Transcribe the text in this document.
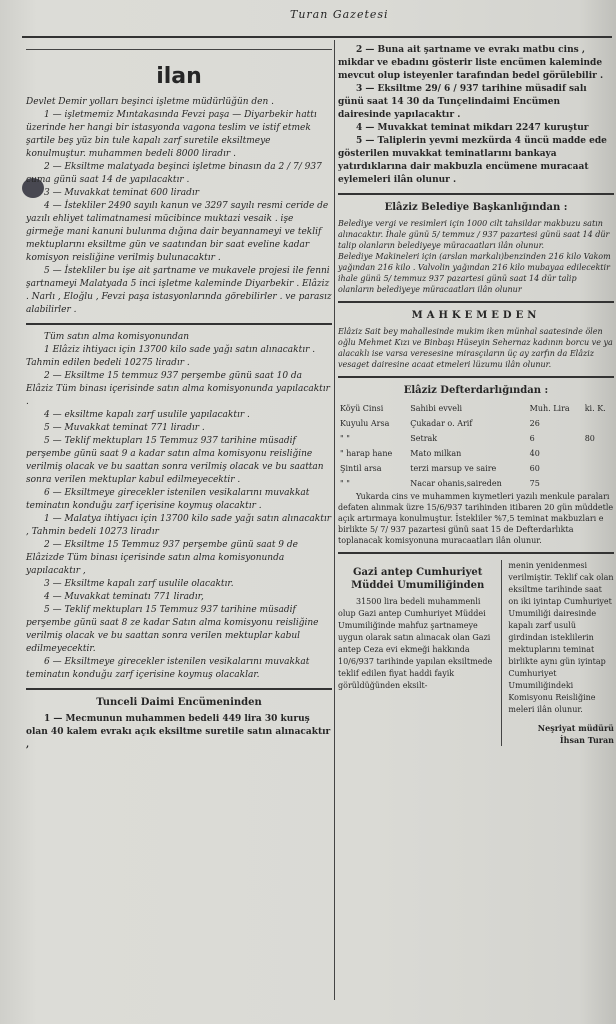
Turan Gazetesi
ilan

Devlet Demir yolları beşinci işletme müdürlüğün den .

1 — işletmemiz Mıntakasında Fevzi paşa — Diyarbekir hattı üzerinde her hangi bir istasyonda vagona teslim ve istif etmek şartile beş yüz bin tule kapalı zarf suretile eksiltmeye konulmuştur. muhammen bedeli 8000 liradır .

2 — Eksiltme malatyada beşinci işletme binasın da 2 / 7/ 937 cuma günü saat 14 de yapılacaktır .

3 — Muvakkat teminat 600 liradır

4 — İstekliler 2490 sayılı kanun ve 3297 sayılı resmi ceride de yazılı ehliyet talimatnamesi mücibince muktazi vesaik . işe girmeğe mani kanuni bulunma dığına dair beyannameyi ve teklif mektuplarını eksiltme gün ve saatından bir saat eveline kadar komisyon reisliğine verilmiş bulunacaktır .

5 — İstekliler bu işe ait şartname ve mukavele projesi ile fenni şartnameyi Malatyada 5 inci işletme kaleminde Diyarbekir . Elâziz . Narlı , Eloğlu , Fevzi paşa istasyonlarında görebilirler . ve parasız alabilirler .

Tüm satın alma komisyonundan

1 Elâziz ihtiyacı için 13700 kilo sade yağı satın alınacaktır . Tahmin edilen bedeli 10275 liradır .

2 — Eksiltme 15 temmuz 937 perşembe günü saat 10 da Elâziz Tüm binası içerisinde satın alma komisyonunda yapılacaktır .

4 — eksiltme kapalı zarf usulile yapılacaktır .

5 — Muvakkat teminat 771 liradır .

5 — Teklif mektupları 15 Temmuz 937 tarihine müsadif perşembe günü saat 9 a kadar satın alma komisyonu reisliğine verilmiş olacak ve bu saattan sonra verilmiş olacak ve bu saattan sonra verilen mektuplar kabul edilmeyecektir .

6 — Eksiltmeye girecekler istenilen vesikalarını muvakkat teminatın konduğu zarf içerisine koymuş olacaktır .

1 — Malatya ihtiyacı için 13700 kilo sade yağı satın alınacaktır , Tahmin bedeli 10273 liradır

2 — Eksiltme 15 Temmuz 937 perşembe günü saat 9 de Elâzizde Tüm binası içerisinde satın alma komisyonunda yapılacaktır ,

3 — Eksiltme kapalı zarf usulile olacaktır.

4 — Muvakkat teminatı 771 liradır,

5 — Teklif mektupları 15 Temmuz 937 tarihine müsadif perşembe günü saat 8 ze kadar Satın alma komisyonu reisliğine verilmiş olacak ve bu saattan sonra verilen mektuplar kabul edilmeyecektir.

6 — Eksiltmeye girecekler istenilen vesikalarını muvakkat teminatın konduğu zarf içerisine koymuş olacaklar.

Tunceli Daimi Encümeninden

1 — Mecmunun muhammen bedeli 449 lira 30 kuruş olan 40 kalem evrakı açık eksiltme suretile satın alınacaktır ,

2 — Buna ait şartname ve evrakı matbu cins , mikdar ve ebadını gösterir liste encümen kaleminde mevcut olup isteyenler tarafından bedel görülebilir .

3 — Eksiltme 29/ 6 / 937 tarihine müsadif salı günü saat 14 30 da Tunçelindaimi Encümen dairesinde yapılacaktır .

4 — Muvakkat teminat mikdarı 2247 kuruştur

5 — Taliplerin yevmi mezkürda 4 üncü madde ede gösterilen muvakkat teminatlarını bankaya yatırdıklarına dair makbuzla encümene muracaat eylemeleri ilân olunur .

Elâziz Belediye Başkanlığından :

Belediye vergi ve resimleri için 1000 cilt tahsildar makbuzu satın alınacaktır. İhale günü 5/ temmuz / 937 pazartesi günü saat 14 dür talip olanların belediyeye müracaatları ilân olunur.

Belediye Makineleri için (arslan markalı)benzinden 216 kilo Vakom yağından 216 kilo . Valvolin yağından 216 kilo mubayaa edilecektir ihale günü 5/ temmuz 937 pazartesi günü saat 14 dür talip olanların belediyeye müracaatları ilân olunur

MAHKEMEDEN

Elâziz Sait bey mahallesinde mukim iken münhal saatesinde ölen oğlu Mehmet Kızı ve Binbaşı Hüseyin Sehernaz kadının borcu ve ya alacaklı ise varsa veresesine mirasçıların üç ay zarfın da Elâziz vesaget dairesine acaat etmeleri lüzumu ilân olunur.

Elâziz Defterdarlığından :

Köyü Cinsi	Sahibi evveli	Muh. Lira	ki. K.
Kuyulu Arsa	Çukadar o. Arif	26	
" "	Setrak	6	80
" harap hane	Mato milkan	40	
Şintil arsa	terzi marsup ve saire	60	
" "	Nacar ohanis,saireden	75	

Yukarda cins ve muhammen kıymetleri yazılı menkule paraları defaten alınmak üzre 15/6/937 tarihinden itibaren 20 gün müddetle açık artırmaya konulmuştur. İstekliler %7,5 teminat makbuzları e birlikte 5/ 7/ 937 pazartesi günü saat 15 de Defterdarlıkta toplanacak komisyonuna muracaatları ilân olunur.

Gazi antep Cumhuriyet Müddei Umumiliğinden

31500 lira bedeli muhammenli olup Gazi antep Cumhuriyet Müddei Umumiliğinde mahfuz şartnameye uygun olarak satın alınacak olan Gazi antep Ceza evi ekmeği hakkında 10/6/937 tarihinde yapılan eksiltmede teklif edilen fiyat haddi fayik görüldüğünden eksilt-

menin yenidenmesi verilmiştir. Teklif cak olan eksiltme tarihinde saat on iki iyintap Cumhuriyet Umumiliği dairesinde kapalı zarf usulü girdindan isteklilerin mektuplarını teminat birlikte aynı gün iyintap Cumhuriyet Umumiliğindeki Komisyonu Reisliğine meleri ilân olunur.

Neşriyat müdürü

İhsan Turan
